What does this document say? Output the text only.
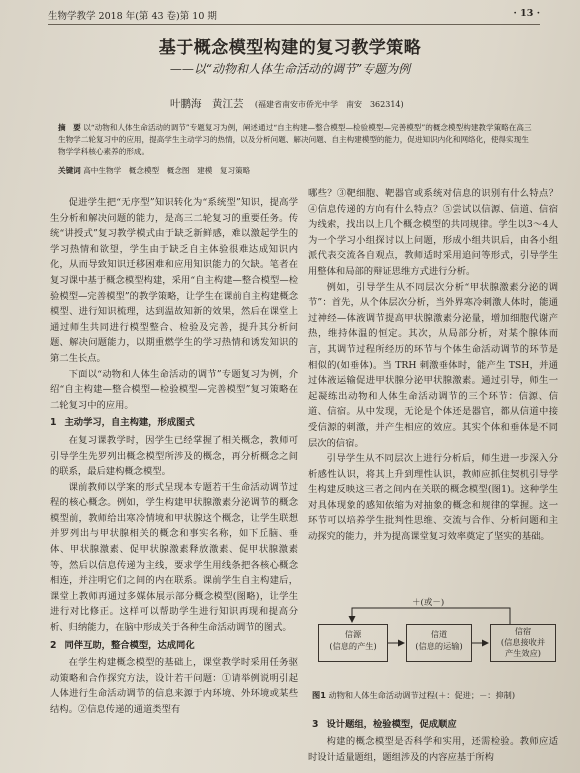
生物学教学 2018 年(第 43 卷)第 10 期	· 13 ·
基于概念模型构建的复习教学策略
——以“动物和人体生命活动的调节”专题为例
叶鹏海　黄江芸 (福建省南安市侨光中学　南安　362314)
摘　要 以“动物和人体生命活动的调节”专题复习为例，阐述通过“自主构建—整合模型—检验模型—完善模型”的概念模型构建教学策略在高三生物学二轮复习中的应用，提高学生主动学习的热情，以及分析问题、解决问题、自主构建模型的能力，促进知识内化和网络化，使得实现生物学学科核心素养的形成。
关键词 高中生物学　概念模型　概念图　建模　复习策略

促进学生把“无序型”知识转化为“系统型”知识，提高学生分析和解决问题的能力，是高三二轮复习的重要任务。传统“讲授式”复习教学模式由于缺乏新鲜感，难以激起学生的学习热情和欲望，学生由于缺乏自主体验很难达成知识内化，从而导致知识迁移困难和应用知识能力的欠缺。笔者在复习课中基于概念模型构建，采用“自主构建—整合模型—检验模型—完善模型”的教学策略，让学生在课前自主构建概念模型、进行知识梳理，达到温故知新的效果，然后在课堂上通过师生共同进行模型整合、检验及完善，提升其分析问题、解决问题能力，以期重燃学生的学习热情和诱发知识的第二生长点。

下面以“动物和人体生命活动的调节”专题复习为例，介绍“自主构建—整合模型—检验模型—完善模型”复习策略在二轮复习中的应用。

1 主动学习，自主构建，形成图式

在复习课教学时，因学生已经掌握了相关概念，教师可引导学生先罗列出概念模型所涉及的概念，再分析概念之间的联系，最后建构概念模型。

课前教师以学案的形式呈现本专题若干生命活动调节过程的核心概念。例如，学生构建甲状腺激素分泌调节的概念模型前，教师给出寒冷情境和甲状腺这个概念，让学生联想并罗列出与甲状腺相关的概念和事实名称，如下丘脑、垂体、甲状腺激素、促甲状腺激素释放激素、促甲状腺激素等，然后以信息传递为主线，要求学生用线条把各核心概念相连，并注明它们之间的内在联系。课前学生自主构建后，课堂上教师再通过多媒体展示部分概念模型(图略)，让学生进行对比修正。这样可以帮助学生进行知识再现和提高分析、归纳能力，在脑中形成关于各种生命活动调节的图式。

2 同伴互助，整合模型，达成同化

在学生构建概念模型的基础上，课堂教学时采用任务驱动策略和合作探究方法，设计若干问题：①请举例说明引起人体进行生命活动调节的信息来源于内环境、外环境或某些结构。②信息传递的通道类型有

哪些？③靶细胞、靶器官或系统对信息的识别有什么特点？④信息传递的方向有什么特点？⑤尝试以信源、信道、信宿为线索，找出以上几个概念模型的共同规律。学生以3～4人为一个学习小组探讨以上问题，形成小组共识后，由各小组派代表交流各自观点，教师适时采用追问等形式，引导学生用整体和局部的辩证思维方式进行分析。

例如，引导学生从不同层次分析“甲状腺激素分泌的调节”：首先，从个体层次分析，当外界寒冷刺激人体时，能通过神经—体液调节提高甲状腺激素分泌量，增加细胞代谢产热，维持体温的恒定。其次，从局部分析，对某个腺体而言，其调节过程所经历的环节与个体生命活动调节的环节是相似的(如垂体)。当 TRH 刺激垂体时，能产生 TSH，并通过体液运输促进甲状腺分泌甲状腺激素。通过引导，师生一起凝练出动物和人体生命活动调节的三个环节：信源、信道、信宿。从中发现，无论是个体还是器官，都从信道中接受信源的刺激，并产生相应的效应。其实个体和垂体是不同层次的信宿。

引导学生从不同层次上进行分析后，师生进一步深入分析感性认识，将其上升到理性认识，教师应抓住契机引导学生构建反映这三者之间内在关联的概念模型(图1)。这种学生对具体现象的感知依缩为对抽象的概念和规律的掌握。这一环节可以培养学生批判性思维、交流与合作、分析问题和主动探究的能力，并为提高课堂复习效率奠定了坚实的基础。

＋(或－)
信源
(信息的产生)
信道
(信息的运输)
信宿
(信息接收并
产生效应)
图1 动物和人体生命活动调节过程(＋：促进；－：抑制)
3 设计题组，检验模型，促成顺应

构建的概念模型是否科学和实用，还需检验。教师应适时设计适量题组，题组涉及的内容应基于所构
